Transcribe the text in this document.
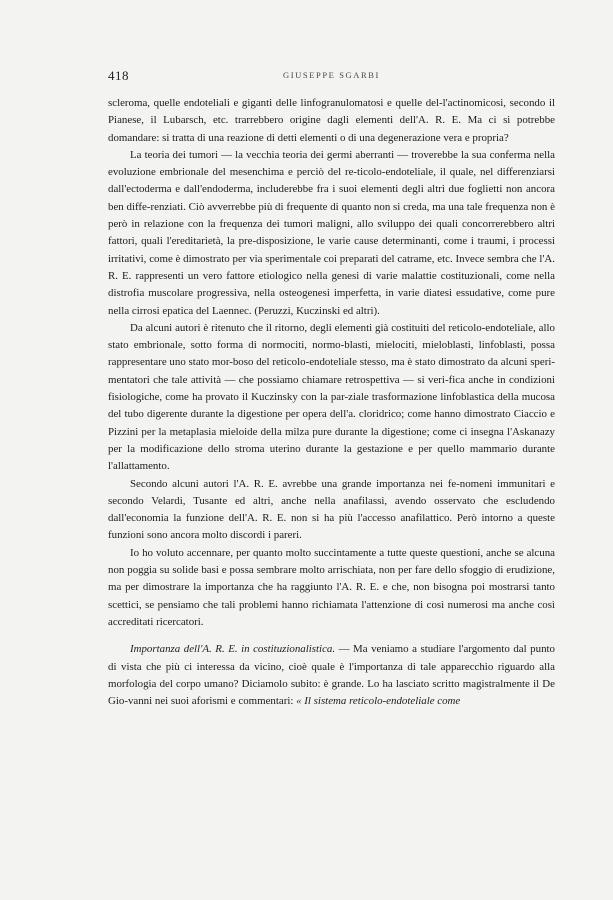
418	GIUSEPPE SGARBI

scleroma, quelle endoteliali e giganti delle linfogranulomatosi e quelle del-l'actinomicosi, secondo il Pianese, il Lubarsch, etc. trarrebbero origine dagli elementi dell'A. R. E. Ma ci si potrebbe domandare: si tratta di una reazione di detti elementi o di una degenerazione vera e propria?

La teoria dei tumori — la vecchia teoria dei germi aberranti — troverebbe la sua conferma nella evoluzione embrionale del mesenchima e perciò del re-ticolo-endoteliale, il quale, nel differenziarsi dall'ectoderma e dall'endoderma, includerebbe fra i suoi elementi degli altri due foglietti non ancora ben diffe-renziati. Ciò avverrebbe più di frequente di quanto non si creda, ma una tale frequenza non è però in relazione con la frequenza dei tumori maligni, allo sviluppo dei quali concorrerebbero altri fattori, quali l'ereditarietà, la pre-disposizione, le varie cause determinanti, come i traumi, i processi irritativi, come è dimostrato per via sperimentale coi preparati del catrame, etc. Invece sembra che l'A. R. E. rappresenti un vero fattore etiologico nella genesi di varie malattie costituzionali, come nella distrofia muscolare progressiva, nella osteogenesi imperfetta, in varie diatesi essudative, come pure nella cirrosi epatica del Laennec. (Peruzzi, Kuczinski ed altri).

Da alcuni autori è ritenuto che il ritorno, degli elementi già costituiti del reticolo-endoteliale, allo stato embrionale, sotto forma di normociti, normo-blasti, mielociti, mieloblasti, linfoblasti, possa rappresentare uno stato mor-boso del reticolo-endoteliale stesso, ma è stato dimostrato da alcuni speri-mentatori che tale attività — che possiamo chiamare retrospettiva — si veri-fica anche in condizioni fisiologiche, come ha provato il Kuczinsky con la par-ziale trasformazione linfoblastica della mucosa del tubo digerente durante la digestione per opera dell'a. cloridrico; come hanno dimostrato Ciaccio e Pizzini per la metaplasia mieloide della milza pure durante la digestione; come ci insegna l'Askanazy per la modificazione dello stroma uterino durante la gestazione e per quello mammario durante l'allattamento.

Secondo alcuni autori l'A. R. E. avrebbe una grande importanza nei fe-nomeni immunitari e secondo Velardi, Tusante ed altri, anche nella anafilassi, avendo osservato che escludendo dall'economia la funzione dell'A. R. E. non si ha più l'accesso anafilattico. Però intorno a queste funzioni sono ancora molto discordi i pareri.

Io ho voluto accennare, per quanto molto succintamente a tutte queste questioni, anche se alcuna non poggia su solide basi e possa sembrare molto arrischiata, non per fare dello sfoggio di erudizione, ma per dimostrare la importanza che ha raggiunto l'A. R. E. e che, non bisogna poi mostrarsi tanto scettici, se pensiamo che tali problemi hanno richiamata l'attenzione di così numerosi ma anche così accreditati ricercatori.

Importanza dell'A. R. E. in costituzionalistica. — Ma veniamo a studiare l'argomento dal punto di vista che più ci interessa da vicino, cioè quale è l'importanza di tale apparecchio riguardo alla morfologia del corpo umano? Diciamolo subito: è grande. Lo ha lasciato scritto magistralmente il De Gio-vanni nei suoi aforismi e commentari: « Il sistema reticolo-endoteliale come
